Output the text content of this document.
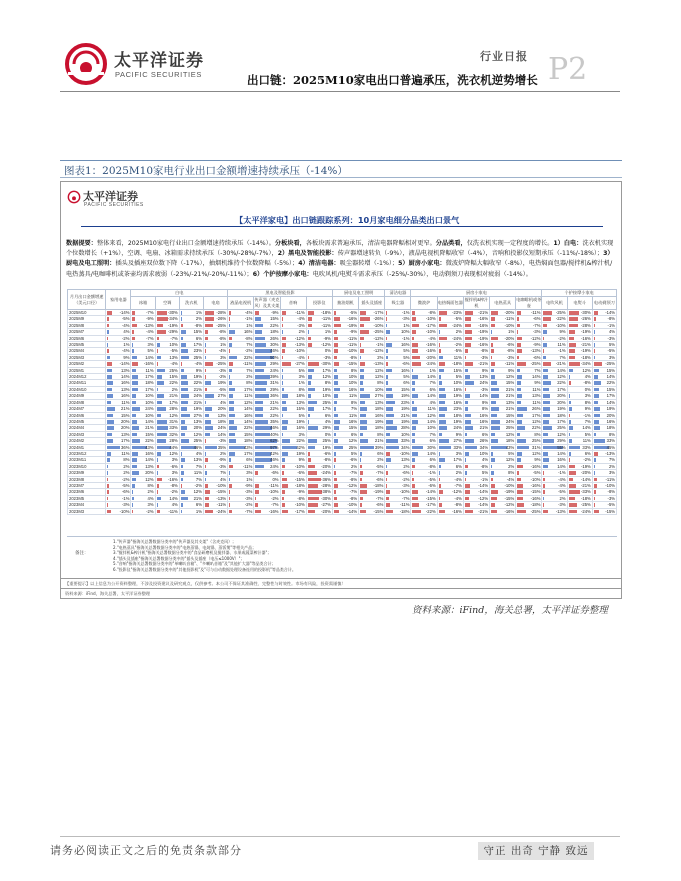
太平洋证券
PACIFIC SECURITIES
行业日报 P2
出口链：2025M10家电出口普遍承压，洗衣机逆势增长
图表1：2025M10家电行业出口金额增速持续承压（-14%）
太平洋证券
PACIFIC SECURITIES
【太平洋家电】出口链跟踪系列：10月家电细分品类出口景气
数据提要：整体来看，2025M10家电行业出口金额增速持续承压（-14%）。分板块看，各板块需求普遍承压，清洁电器降幅相对更窄。分品类看，仅洗衣机实现一定程度的增长。1）白电：洗衣机实现个位数增长（+1%），空调、电扇、冰箱需求持续承压（-30%/-28%/-7%），2）黑电及智能投影：传声器增速转负（-9%），液晶电视机降幅收窄（-4%），音响和投影仪短期承压（-11%/-18%）；3）厨电及电工照明：插头及插座双位数下降（-17%），抽烟机维持个位数降幅（-5%）；4）清洁电器：吸尘器转增（-1%）；5）厨房小家电：微波炉降幅大幅收窄（-8%），电热焖面包器/搅拌机&榨汁机/电热蒸具/电咖啡机或茶壶均需求疲弱（-23%/-21%/-20%/-11%）；6）个护按摩小家电：电吹风机/电熨斗需求承压（-25%/-30%），电动剃须刀表现相对疲弱（-14%）。
月月出口金额增速（美元口径）	家用电器	白电				黑电及智能投影				厨电及电工照明		清洁电器	厨房小家电					个护按摩小家电		
		冰箱	空调	洗衣机	电扇	液晶电视机	传声器（麦克风）及其支架	音响	投影仪	抽油烟机	插头及插座	吸尘器	微波炉	电热焖面包器	搅拌机&榨汁机	电热蒸具	电咖啡机或茶壶	电吹风机	电熨斗	电动剃须刀
2025M10	-14%	-7%	-30%	1%	-28%	-4%	-9%	-11%	-18%	-5%	-17%	-1%	-8%	-23%	-21%	-20%	-11%	-25%	-30%	-14%
2025M9	-5%	-9%	-34%	2%	-26%	-1%	15%	-4%	-11%	-16%	-26%	-3%	-10%	-5%	-16%	-11%	-6%	-22%	-26%	-8%
2025M8	-4%	-13%	-19%	-8%	-25%	1%	22%	-3%	-11%	-19%	-10%	1%	-17%	-24%	-16%	-10%	-7%	-10%	-28%	-1%
2025M7	4%	-4%	-29%	15%	-8%	16%	18%	2%	1%	-9%	-25%	10%	-10%	2%	-19%	1%	-3%	9%	-19%	4%
2025M6	-2%	-7%	-7%	6%	-8%	-8%	26%	-12%	-9%	-11%	-12%	-1%	-4%	-24%	-19%	-20%	-12%	-2%	-16%	-3%
2025M5	1%	3%	10%	17%	1%	7%	30%	-13%	-12%	-11%	-1%	16%	-16%	-2%	-16%	-6%	-9%	11%	-21%	5%
2025M4	-4%	5%	-5%	23%	-4%	-2%	46%	-10%	0%	-10%	-12%	5%	-16%	-5%	-8%	-8%	-13%	-1%	-19%	-5%
2025M3	9%	14%	13%	25%	3%	22%	50%	-4%	-3%	-8%	2%	5%	-20%	11%	-3%	-3%	-6%	7%	-18%	3%
2025M2	-14%	-16%	-4%	-4%	-25%	-11%	29%	-27%	-30%	-15%	-13%	-6%	-24%	-18%	-21%	-11%	-25%	-21%	-34%	-25%
2025M1	13%	11%	25%	9%	-3%	7%	24%	5%	17%	8%	12%	16%	1%	15%	9%	9%	7%	14%	12%	15%
2024M12	14%	17%	15%	19%	-2%	2%	39%	3%	12%	10%	12%	5%	14%	5%	13%	12%	14%	12%	4%	14%
2024M11	16%	18%	22%	22%	19%	8%	31%	1%	8%	10%	8%	6%	7%	10%	24%	15%	9%	22%	-8%	22%
2024M10	13%	17%	2%	21%	-5%	17%	29%	8%	19%	16%	10%	15%	6%	16%	-3%	21%	11%	17%	0%	15%
2024M9	16%	10%	21%	24%	27%	11%	36%	18%	10%	11%	27%	19%	14%	19%	14%	21%	13%	20%	3%	17%
2024M8	11%	10%	17%	21%	4%	12%	21%	13%	25%	8%	13%	23%	4%	16%	9%	13%	11%	20%	8%	14%
2024M7	21%	24%	28%	19%	20%	14%	22%	15%	17%	7%	18%	19%	11%	23%	8%	21%	26%	19%	9%	19%
2024M6	15%	10%	12%	27%	13%	16%	22%	5%	6%	11%	16%	21%	12%	18%	16%	15%	17%	18%	-1%	20%
2024M5	20%	14%	31%	13%	18%	14%	35%	19%	4%	16%	19%	19%	14%	19%	16%	24%	12%	17%	7%	16%
2024M4	20%	21%	33%	20%	24%	22%	46%	16%	29%	15%	18%	28%	10%	24%	21%	25%	22%	25%	14%	18%
2024M3	13%	15%	32%	12%	14%	15%	40%	3%	0%	6%	8%	10%	7%	9%	6%	12%	8%	12%	5%	8%
2024M2	17%	22%	28%	25%	-3%	18%	62%	22%	25%	12%	21%	33%	6%	27%	26%	18%	25%	29%	11%	33%
2024M1	36%	43%	44%	46%	35%	43%	97%	42%	19%	25%	39%	34%	30%	33%	34%	43%	31%	55%	33%	45%
2023M12	11%	16%	12%	4%	2%	17%	42%	19%	-6%	5%	6%	-10%	14%	3%	10%	5%	12%	14%	6%	-13%
2023M11	8%	14%	3%	13%	-9%	6%	46%	9%	-8%	-6%	2%	13%	6%	17%	4%	12%	9%	16%	-2%	7%
2023M10	2%	13%	-6%	7%	-3%	-11%	24%	-10%	-20%	2%	-5%	2%	-8%	6%	-8%	2%	-16%	14%	-19%	2%
2023M9	2%	20%	3%	11%	7%	3%	-6%	-6%	-24%	-7%	-7%	-6%	-1%	2%	5%	8%	-5%	-1%	-20%	3%
2023M8	-2%	12%	-16%	7%	4%	1%	0%	-15%	-36%	-8%	-6%	-2%	-5%	-4%	-1%	-4%	-10%	-4%	-14%	-11%
2023M7	-5%	8%	-8%	-2%	-10%	-9%	-11%	-18%	-28%	-12%	-18%	-3%	-6%	-7%	-14%	-10%	-16%	-4%	-21%	-10%
2023M6	-6%	2%	-2%	12%	-15%	-3%	-10%	-9%	-38%	-7%	-19%	-10%	-14%	-12%	-14%	-19%	-15%	-5%	-33%	-8%
2023M5	-1%	4%	14%	21%	-13%	-3%	-2%	-8%	-30%	-8%	-7%	-7%	-15%	-4%	-12%	-15%	-16%	2%	-18%	-3%
2023M4	-3%	3%	4%	6%	-11%	-2%	-7%	-10%	-27%	-10%	-6%	-11%	-17%	-8%	-14%	-12%	-18%	-3%	-25%	-5%
2023M3	-10%	-2%	-11%	1%	-24%	-7%	-16%	-17%	-20%	-14%	-15%	-18%	-22%	-16%	-21%	-16%	-25%	-13%	-24%	-15%
备注：
1."传声器"指海关总署数据分类中的"传声器及其支架"（含麦克风）；
2."电热蒸具"指海关总署数据分类中的"电热蒸锅、电炖锅、蒸饭煲"等相关产品；
3."搅拌机&榨汁机"指海关总署数据分类中的"食品研磨机及搅拌器、水果或蔬菜榨汁器"；
4."插头及插座"指海关总署数据分类中的"插头及插座（电压≤1000V）"；
5."音响"指海关总署数据分类中的"单喇叭音箱"、"多喇叭音箱"及"其他扩大器"等品类合计；
6."投影仪"指海关总署数据分类中的"其他投影机"及"可与自动数据处理设备连用的投影机"等品类合计。
【重要提示】以上信息为公开资料整理，不涉及投资建议及研究观点，仅供参考。本公司不保证其准确性、完整性与时效性。市场有风险，投资需谨慎！
资料来源：iFind，海关总署，太平洋证券整理
资料来源：iFind，海关总署，太平洋证券整理
请务必阅读正文之后的免责条款部分	守正 出奇 宁静 致远
